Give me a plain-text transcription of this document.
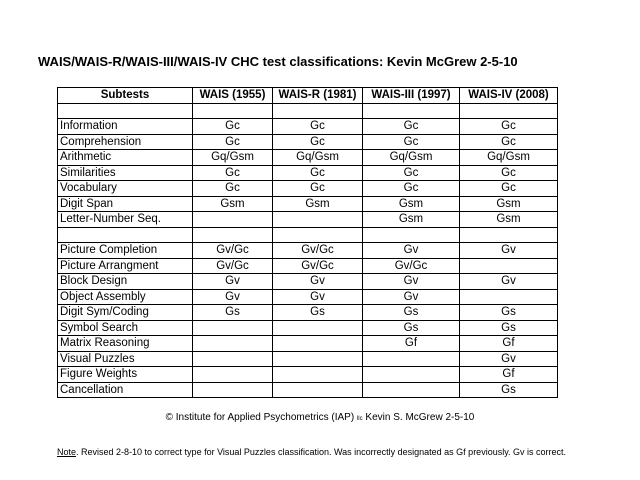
WAIS/WAIS-R/WAIS-III/WAIS-IV CHC test classifications: Kevin McGrew 2-5-10
Subtests	WAIS (1955)	WAIS-R (1981)	WAIS-III (1997)	WAIS-IV (2008)

Information	Gc	Gc	Gc	Gc
Comprehension	Gc	Gc	Gc	Gc
Arithmetic	Gq/Gsm	Gq/Gsm	Gq/Gsm	Gq/Gsm
Similarities	Gc	Gc	Gc	Gc
Vocabulary	Gc	Gc	Gc	Gc
Digit Span	Gsm	Gsm	Gsm	Gsm
Letter-Number Seq.			Gsm	Gsm

Picture Completion	Gv/Gc	Gv/Gc	Gv	Gv
Picture Arrangment	Gv/Gc	Gv/Gc	Gv/Gc	
Block Design	Gv	Gv	Gv	Gv
Object Assembly	Gv	Gv	Gv	
Digit Sym/Coding	Gs	Gs	Gs	Gs
Symbol Search			Gs	Gs
Matrix Reasoning			Gf	Gf
Visual Puzzles				Gv
Figure Weights				Gf
Cancellation				Gs
© Institute for Applied Psychometrics (IAP) llc Kevin S. McGrew 2-5-10
Note. Revised 2-8-10 to correct type for Visual Puzzles classification. Was incorrectly designated as Gf previously. Gv is correct.
